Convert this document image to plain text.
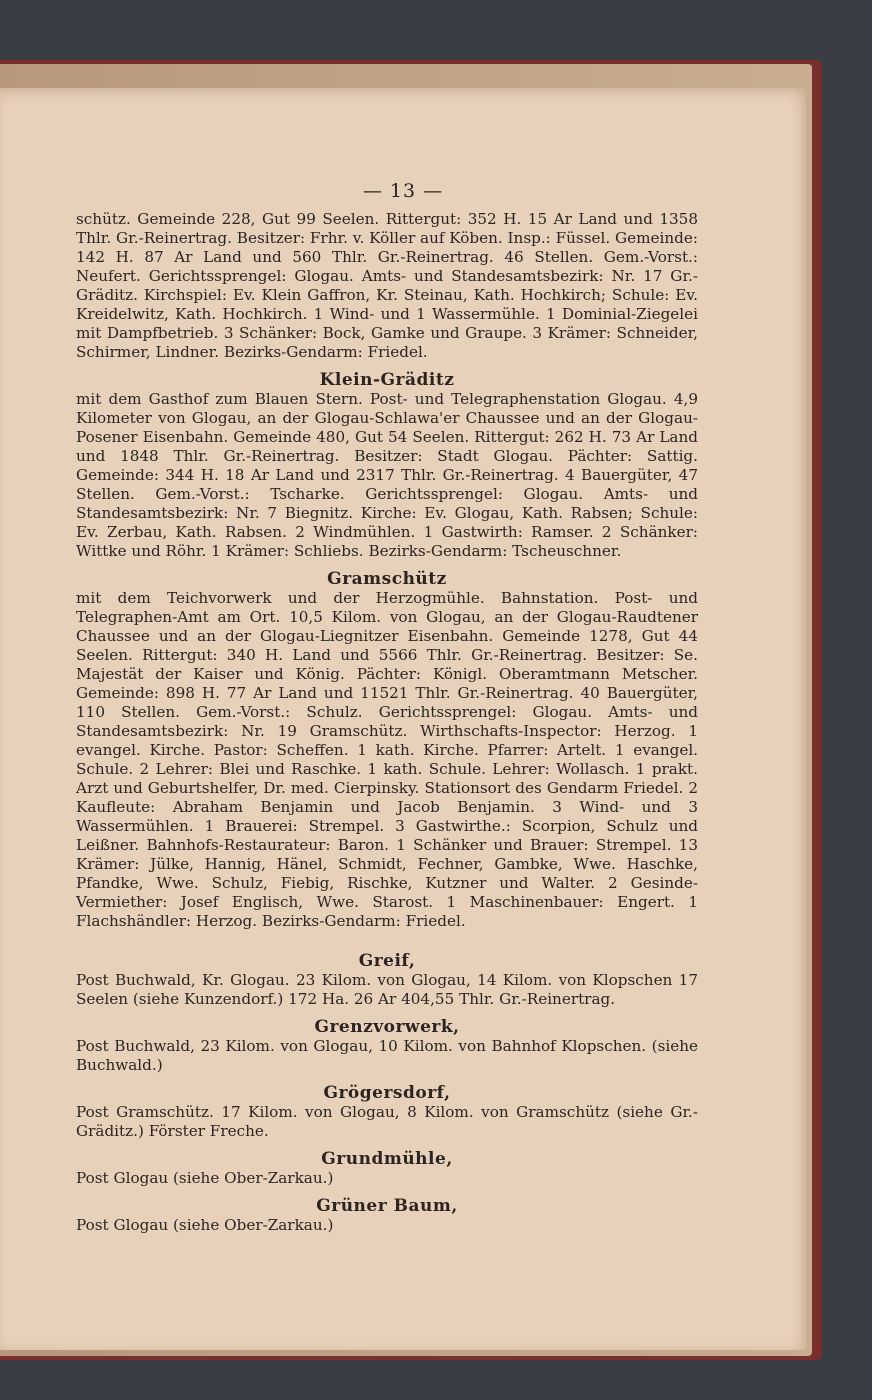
— 13 —

schütz. Gemeinde 228, Gut 99 Seelen. Rittergut: 352 H. 15 Ar Land und 1358 Thlr. Gr.-Reinertrag. Besitzer: Frhr. v. Köller auf Köben. Insp.: Füssel. Gemeinde: 142 H. 87 Ar Land und 560 Thlr. Gr.-Reinertrag. 46 Stellen. Gem.-Vorst.: Neufert. Gerichtssprengel: Glogau. Amts- und Standesamtsbezirk: Nr. 17 Gr.-Gräditz. Kirchspiel: Ev. Klein Gaffron, Kr. Steinau, Kath. Hochkirch; Schule: Ev. Kreidelwitz, Kath. Hochkirch. 1 Wind- und 1 Wassermühle. 1 Dominial-Ziegelei mit Dampfbetrieb. 3 Schänker: Bock, Gamke und Graupe. 3 Krämer: Schneider, Schirmer, Lindner. Bezirks-Gendarm: Friedel.

Klein-Gräditz

mit dem Gasthof zum Blauen Stern. Post- und Telegraphenstation Glogau. 4,9 Kilometer von Glogau, an der Glogau-Schlawa'er Chaussee und an der Glogau-Posener Eisenbahn. Gemeinde 480, Gut 54 Seelen. Rittergut: 262 H. 73 Ar Land und 1848 Thlr. Gr.-Reinertrag. Besitzer: Stadt Glogau. Pächter: Sattig. Gemeinde: 344 H. 18 Ar Land und 2317 Thlr. Gr.-Reinertrag. 4 Bauergüter, 47 Stellen. Gem.-Vorst.: Tscharke. Gerichtssprengel: Glogau. Amts- und Standesamtsbezirk: Nr. 7 Biegnitz. Kirche: Ev. Glogau, Kath. Rabsen; Schule: Ev. Zerbau, Kath. Rabsen. 2 Windmühlen. 1 Gastwirth: Ramser. 2 Schänker: Wittke und Röhr. 1 Krämer: Schliebs. Bezirks-Gendarm: Tscheuschner.

Gramschütz

mit dem Teichvorwerk und der Herzogmühle. Bahnstation. Post- und Telegraphen-Amt am Ort. 10,5 Kilom. von Glogau, an der Glogau-Raudtener Chaussee und an der Glogau-Liegnitzer Eisenbahn. Gemeinde 1278, Gut 44 Seelen. Rittergut: 340 H. Land und 5566 Thlr. Gr.-Reinertrag. Besitzer: Se. Majestät der Kaiser und König. Pächter: Königl. Oberamtmann Metscher. Gemeinde: 898 H. 77 Ar Land und 11521 Thlr. Gr.-Reinertrag. 40 Bauergüter, 110 Stellen. Gem.-Vorst.: Schulz. Gerichtssprengel: Glogau. Amts- und Standesamtsbezirk: Nr. 19 Gramschütz. Wirthschafts-Inspector: Herzog. 1 evangel. Kirche. Pastor: Scheffen. 1 kath. Kirche. Pfarrer: Artelt. 1 evangel. Schule. 2 Lehrer: Blei und Raschke. 1 kath. Schule. Lehrer: Wollasch. 1 prakt. Arzt und Geburtshelfer, Dr. med. Cierpinsky. Stationsort des Gendarm Friedel. 2 Kaufleute: Abraham Benjamin und Jacob Benjamin. 3 Wind- und 3 Wassermühlen. 1 Brauerei: Strempel. 3 Gastwirthe.: Scorpion, Schulz und Leißner. Bahnhofs-Restaurateur: Baron. 1 Schänker und Brauer: Strempel. 13 Krämer: Jülke, Hannig, Hänel, Schmidt, Fechner, Gambke, Wwe. Haschke, Pfandke, Wwe. Schulz, Fiebig, Rischke, Kutzner und Walter. 2 Gesinde-Vermiether: Josef Englisch, Wwe. Starost. 1 Maschinenbauer: Engert. 1 Flachshändler: Herzog. Bezirks-Gendarm: Friedel.

Greif,

Post Buchwald, Kr. Glogau. 23 Kilom. von Glogau, 14 Kilom. von Klopschen 17 Seelen (siehe Kunzendorf.) 172 Ha. 26 Ar 404,55 Thlr. Gr.-Reinertrag.

Grenzvorwerk,

Post Buchwald, 23 Kilom. von Glogau, 10 Kilom. von Bahnhof Klopschen. (siehe Buchwald.)

Grögersdorf,

Post Gramschütz. 17 Kilom. von Glogau, 8 Kilom. von Gramschütz (siehe Gr.-Gräditz.) Förster Freche.

Grundmühle,

Post Glogau (siehe Ober-Zarkau.)

Grüner Baum,

Post Glogau (siehe Ober-Zarkau.)
